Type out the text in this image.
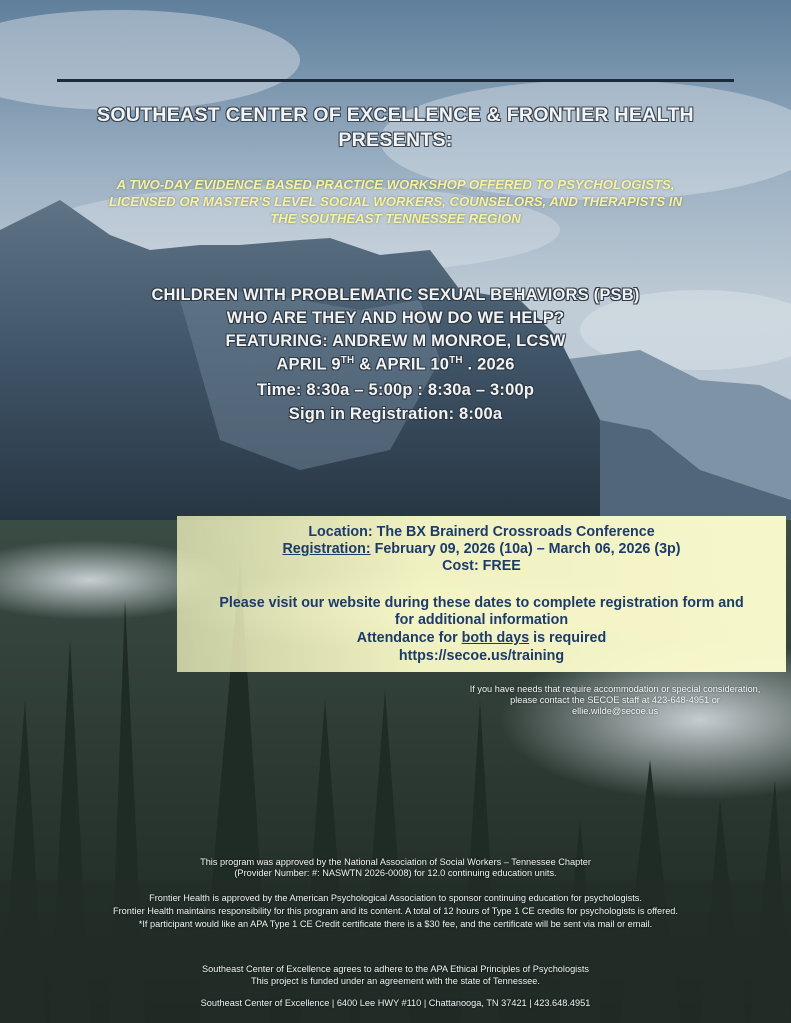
SOUTHEAST CENTER OF EXCELLENCE & FRONTIER HEALTH
PRESENTS:
A TWO-DAY EVIDENCE BASED PRACTICE WORKSHOP OFFERED TO PSYCHOLOGISTS,
LICENSED OR MASTER'S LEVEL SOCIAL WORKERS, COUNSELORS, AND THERAPISTS IN
THE SOUTHEAST TENNESSEE REGION
CHILDREN WITH PROBLEMATIC SEXUAL BEHAVIORS (PSB)
WHO ARE THEY AND HOW DO WE HELP?
FEATURING: ANDREW M MONROE, LCSW
APRIL 9TH & APRIL 10TH . 2026
Time: 8:30a – 5:00p : 8:30a – 3:00p
Sign in Registration: 8:00a
Location: The BX Brainerd Crossroads Conference
Registration: February 09, 2026 (10a) – March 06, 2026 (3p)
Cost: FREE
Please visit our website during these dates to complete registration form and
for additional information
Attendance for both days is required
https://secoe.us/training
If you have needs that require accommodation or special consideration,
please contact the SECOE staff at 423-648-4951 or
ellie.wilde@secoe.us
This program was approved by the National Association of Social Workers – Tennessee Chapter
(Provider Number: #: NASWTN 2026-0008) for 12.0 continuing education units.
Frontier Health is approved by the American Psychological Association to sponsor continuing education for psychologists.
Frontier Health maintains responsibility for this program and its content. A total of 12 hours of Type 1 CE credits for psychologists is offered.
*If participant would like an APA Type 1 CE Credit certificate there is a $30 fee, and the certificate will be sent via mail or email.
Southeast Center of Excellence agrees to adhere to the APA Ethical Principles of Psychologists
This project is funded under an agreement with the state of Tennessee.
Southeast Center of Excellence | 6400 Lee HWY #110 | Chattanooga, TN 37421 | 423.648.4951
